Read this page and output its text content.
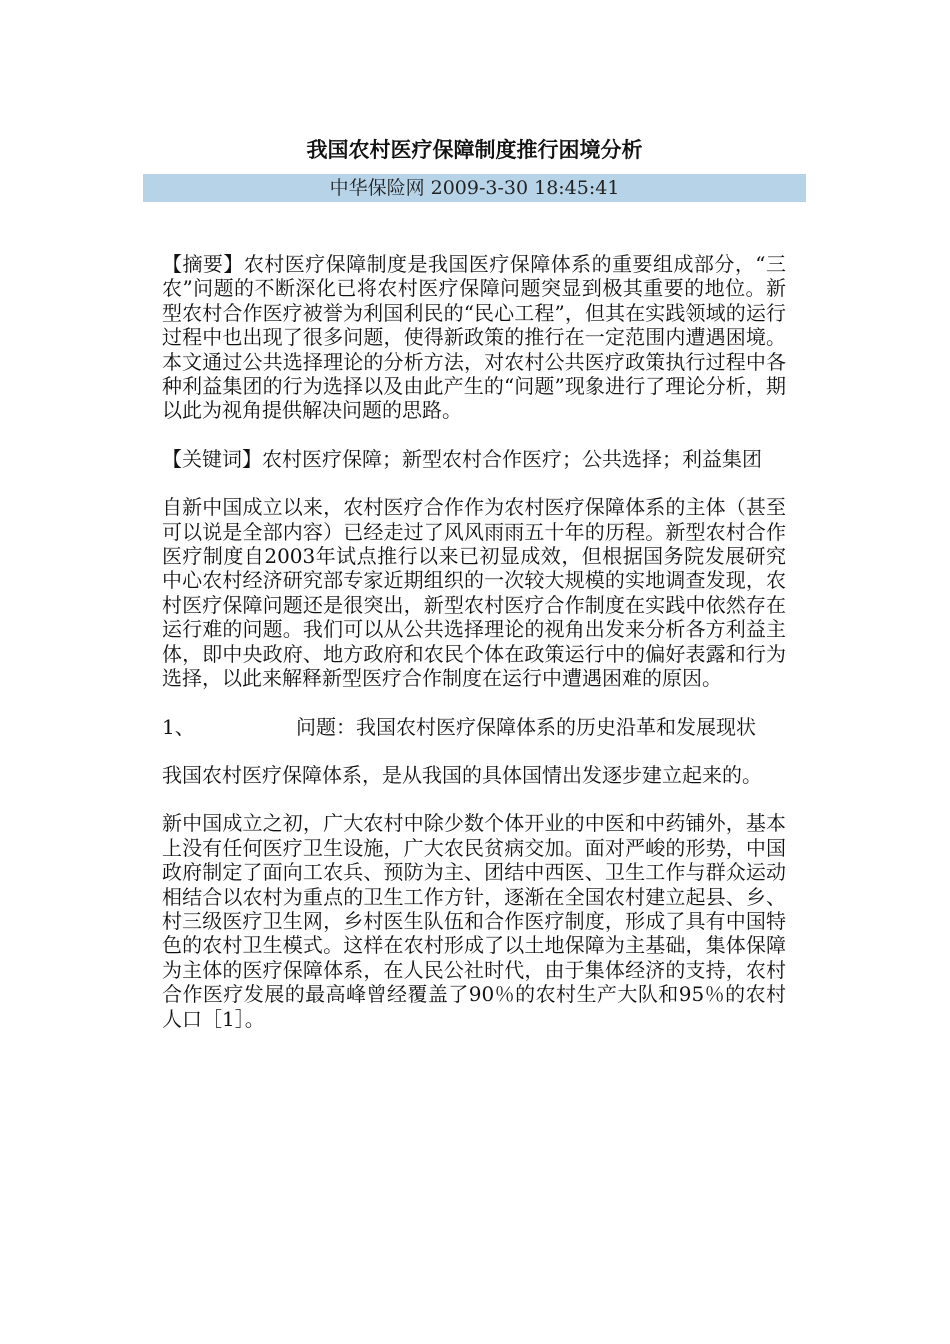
我国农村医疗保障制度推行困境分析
中华保险网 2009-3-30 18:45:41

【摘要】农村医疗保障制度是我国医疗保障体系的重要组成部分，“三农”问题的不断深化已将农村医疗保障问题突显到极其重要的地位。新型农村合作医疗被誉为利国利民的“民心工程”，但其在实践领域的运行过程中也出现了很多问题，使得新政策的推行在一定范围内遭遇困境。本文通过公共选择理论的分析方法，对农村公共医疗政策执行过程中各种利益集团的行为选择以及由此产生的“问题”现象进行了理论分析，期以此为视角提供解决问题的思路。

【关键词】农村医疗保障；新型农村合作医疗；公共选择；利益集团

自新中国成立以来，农村医疗合作作为农村医疗保障体系的主体（甚至可以说是全部内容）已经走过了风风雨雨五十年的历程。新型农村合作医疗制度自2003年试点推行以来已初显成效，但根据国务院发展研究中心农村经济研究部专家近期组织的一次较大规模的实地调查发现，农村医疗保障问题还是很突出，新型农村医疗合作制度在实践中依然存在运行难的问题。我们可以从公共选择理论的视角出发来分析各方利益主体，即中央政府、地方政府和农民个体在政策运行中的偏好表露和行为选择，以此来解释新型医疗合作制度在运行中遭遇困难的原因。

1、	问题：我国农村医疗保障体系的历史沿革和发展现状

我国农村医疗保障体系，是从我国的具体国情出发逐步建立起来的。

新中国成立之初，广大农村中除少数个体开业的中医和中药铺外，基本上没有任何医疗卫生设施，广大农民贫病交加。面对严峻的形势，中国政府制定了面向工农兵、预防为主、团结中西医、卫生工作与群众运动相结合以农村为重点的卫生工作方针，逐渐在全国农村建立起县、乡、村三级医疗卫生网，乡村医生队伍和合作医疗制度，形成了具有中国特色的农村卫生模式。这样在农村形成了以土地保障为主基础，集体保障为主体的医疗保障体系，在人民公社时代，由于集体经济的支持，农村合作医疗发展的最高峰曾经覆盖了90％的农村生产大队和95％的农村人口［1］。
